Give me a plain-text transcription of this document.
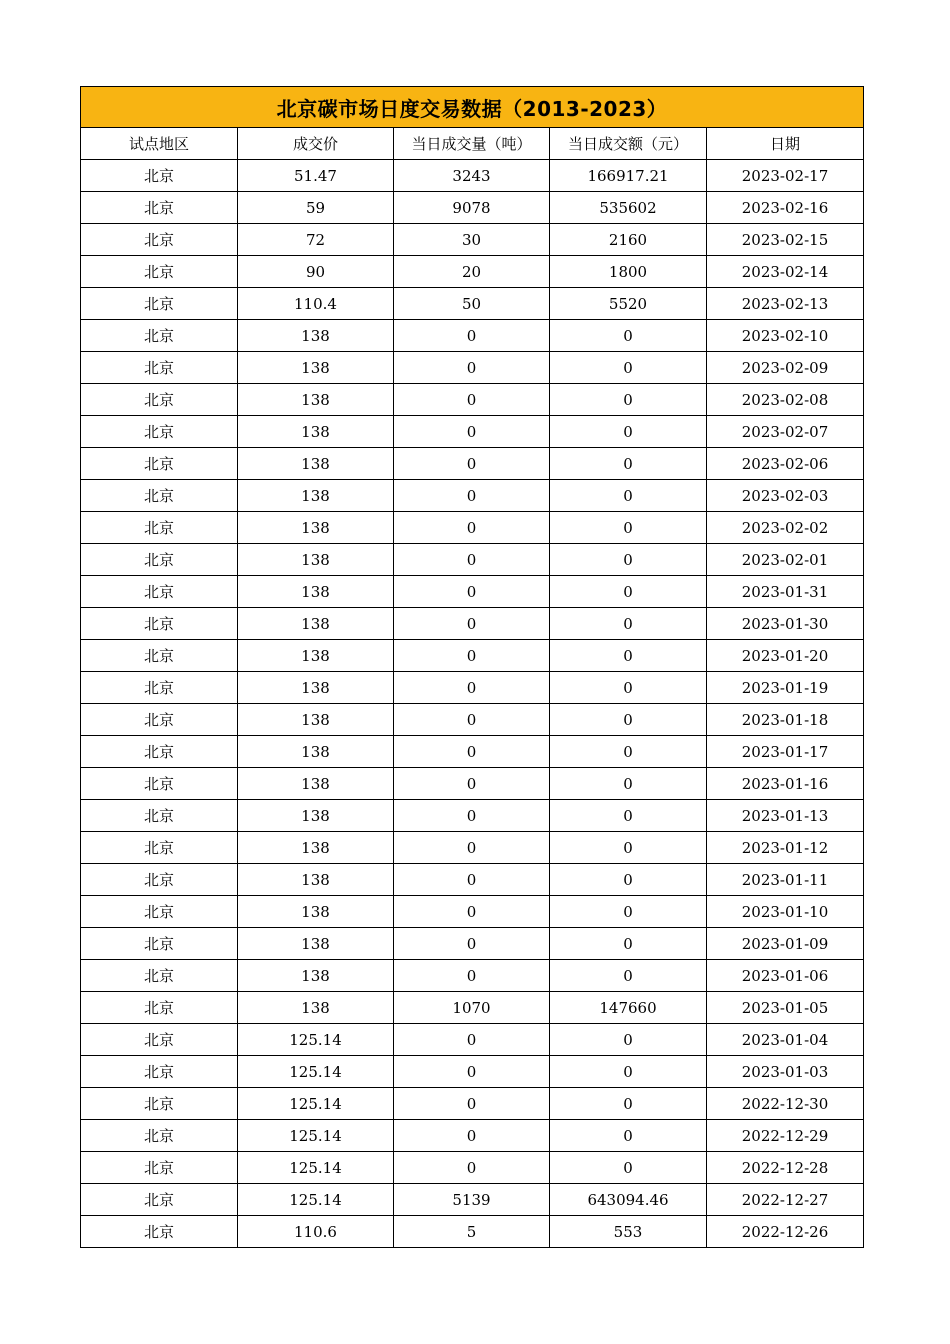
北京碳市场日度交易数据（2013-2023）				
试点地区	成交价	当日成交量（吨）	当日成交额（元）	日期
北京	51.47	3243	166917.21	2023-02-17
北京	59	9078	535602	2023-02-16
北京	72	30	2160	2023-02-15
北京	90	20	1800	2023-02-14
北京	110.4	50	5520	2023-02-13
北京	138	0	0	2023-02-10
北京	138	0	0	2023-02-09
北京	138	0	0	2023-02-08
北京	138	0	0	2023-02-07
北京	138	0	0	2023-02-06
北京	138	0	0	2023-02-03
北京	138	0	0	2023-02-02
北京	138	0	0	2023-02-01
北京	138	0	0	2023-01-31
北京	138	0	0	2023-01-30
北京	138	0	0	2023-01-20
北京	138	0	0	2023-01-19
北京	138	0	0	2023-01-18
北京	138	0	0	2023-01-17
北京	138	0	0	2023-01-16
北京	138	0	0	2023-01-13
北京	138	0	0	2023-01-12
北京	138	0	0	2023-01-11
北京	138	0	0	2023-01-10
北京	138	0	0	2023-01-09
北京	138	0	0	2023-01-06
北京	138	1070	147660	2023-01-05
北京	125.14	0	0	2023-01-04
北京	125.14	0	0	2023-01-03
北京	125.14	0	0	2022-12-30
北京	125.14	0	0	2022-12-29
北京	125.14	0	0	2022-12-28
北京	125.14	5139	643094.46	2022-12-27
北京	110.6	5	553	2022-12-26
